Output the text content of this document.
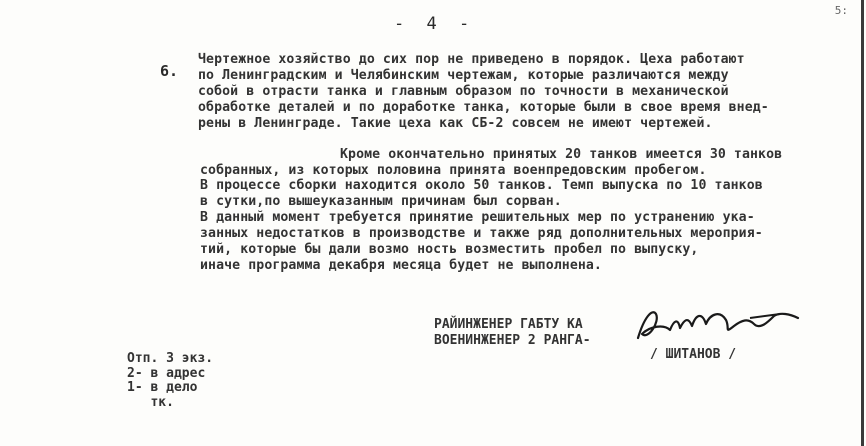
5:
- 4 -
6.
Чертежное хозяйство до сих пор не приведено в порядок. Цеха работают
по Ленинградским и Челябинским чертежам, которые различаются между
собой в отрасти танка и главным образом по точности в механической
обработке деталей и по доработке танка, которые были в свое время внед-
рены в Ленинграде. Такие цеха как СБ-2 совсем не имеют чертежей.
Кроме окончательно принятых 20 танков имеется 30 танков
собранных, из которых половина принята военпредовским пробегом.
В процессе сборки находится около 50 танков. Темп выпуска по 10 танков
в сутки,по вышеуказанным причинам был сорван.
В данный момент требуется принятие решительных мер по устранению ука-
занных недостатков в производстве и также ряд дополнительных мероприя-
тий, которые бы дали возмо ность возместить пробел по выпуску,
иначе программа декабря месяца будет не выполнена.
РАЙИНЖЕНЕР ГАБТУ КА
ВОЕНИНЖЕНЕР 2 РАНГА-
/ ШИТАНОВ /
Отп. 3 экз.
2- в адрес
1- в дело
тк.
